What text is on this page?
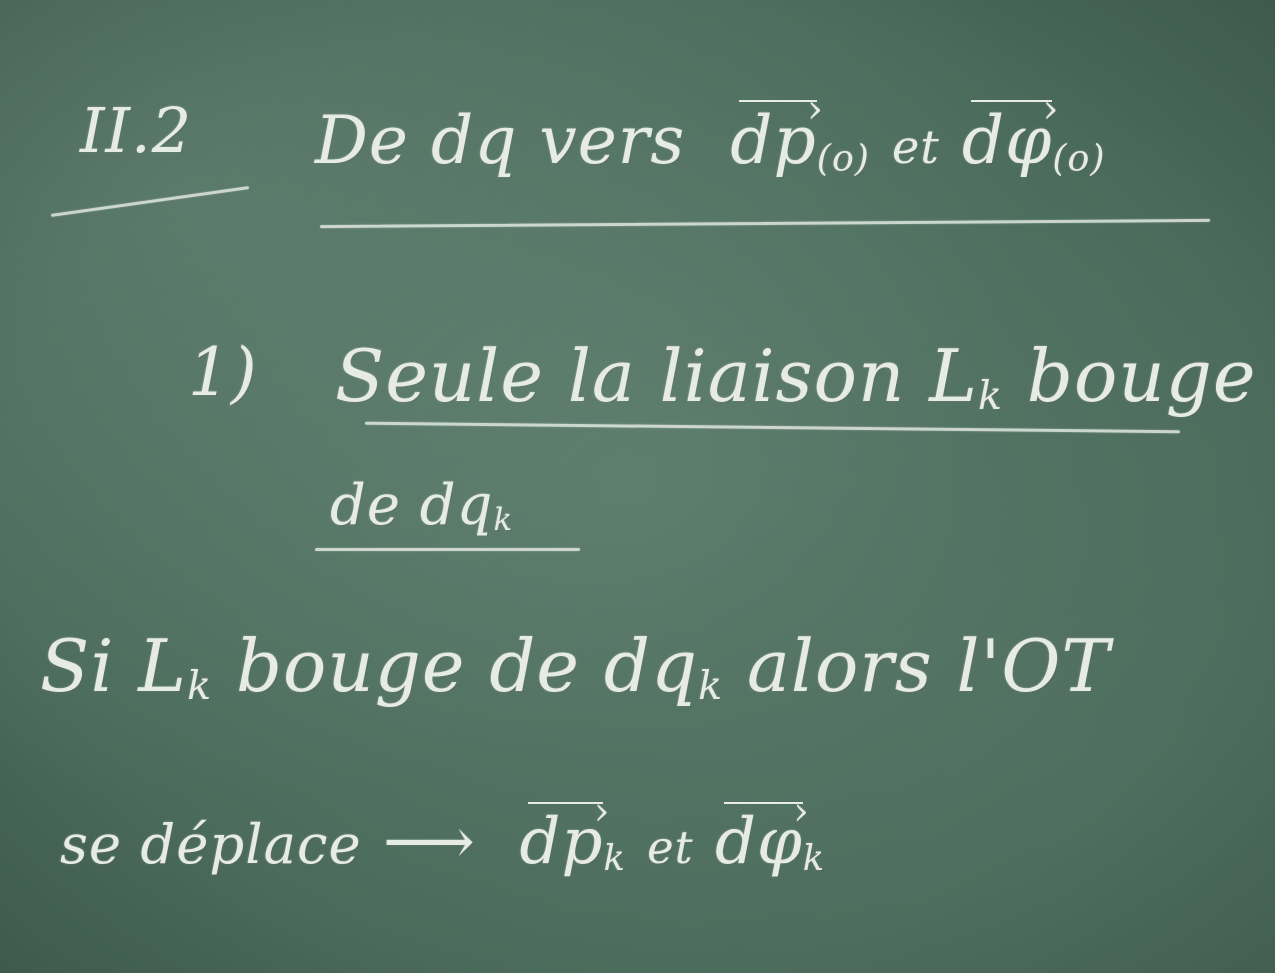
II.2 De dq vers dp $›_{(o)}$ et dφ $›_{(o)}$
1) Seule la liaison $L_k$ bouge
de $dq_k$
Si $L_k$ bouge de $dq_k$ alors l'OT
se déplace ⟶ dp $›_k$ et dφ $›_k$
